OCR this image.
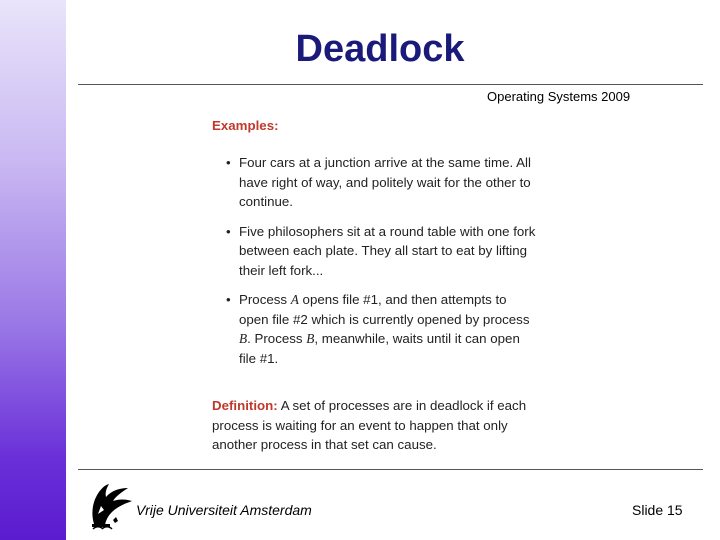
Deadlock
Operating Systems 2009
Examples:
• Four cars at a junction arrive at the same time. All have right of way, and politely wait for the other to continue.
• Five philosophers sit at a round table with one fork between each plate. They all start to eat by lifting their left fork...
• Process A opens file #1, and then attempts to open file #2 which is currently opened by process B. Process B, meanwhile, waits until it can open file #1.
Definition: A set of processes are in deadlock if each process is waiting for an event to happen that only another process in that set can cause.
Vrije Universiteit Amsterdam	Slide 15
